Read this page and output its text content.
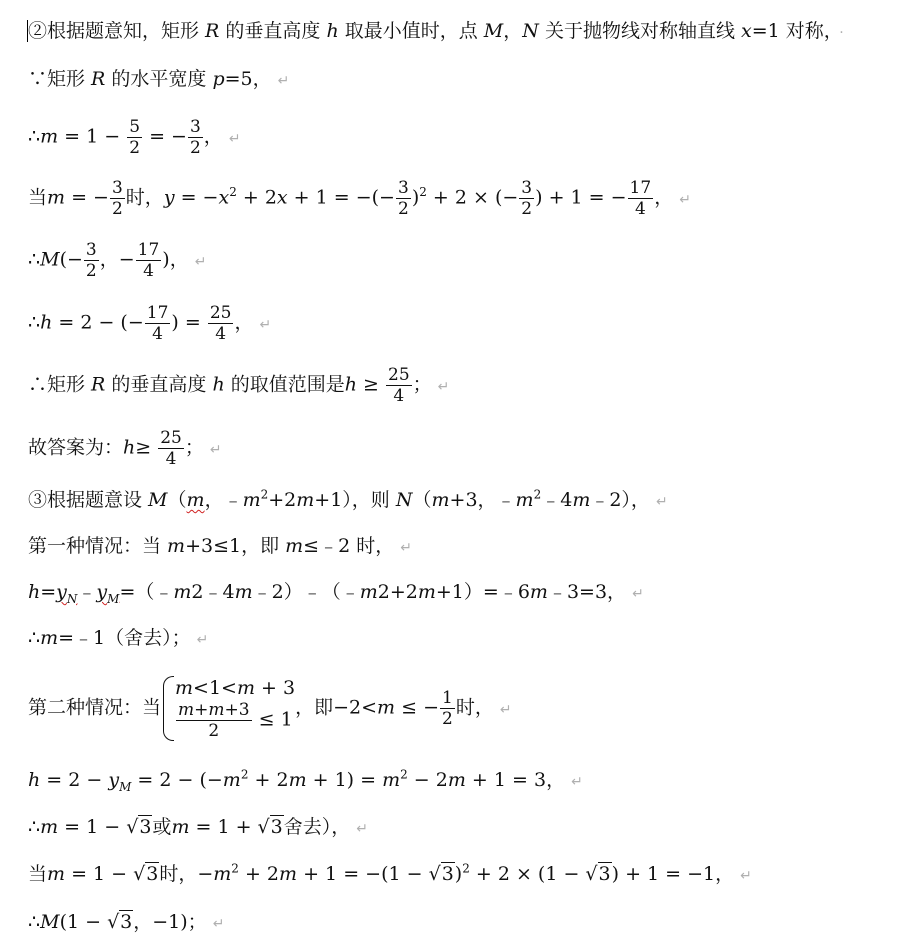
②根据题意知，矩形 R 的垂直高度 h 取最小值时，点 M，N 关于抛物线对称轴直线 x=1 对称， ·
∵矩形 R 的水平宽度 p=5， ↵
∴m = $1 - \frac{5}{2}$ = − $\frac{3}{2}$ ， ↵
当m = − $\frac{3}{2}$ 时，$y = -x^2 + 2x + 1$ = −(− $\frac{3}{2} )^2 + 2$ × (− $\frac{3}{2}$ ) + 1 = − $\frac{17}{4}$ ， ↵
∴M(− $\frac{3}{2}$ ，− $\frac{17}{4}$ )， ↵
∴h = 2 − (− $\frac{17}{4}$ ) = $\frac{25}{4}$ ， ↵
∴矩形 R 的垂直高度 h 的取值范围是$h \ge \frac{25}{4}$ ； ↵
故答案为：$h\ge \frac{25}{4}$ ； ↵
③根据题意设 M（m，$﹣m^2+2m+1$），则 N（m+3，$﹣m^2﹣4m﹣2$）， ↵
第一种情况：当 m+3≤1，即 m≤﹣2 时， ↵
$h=y_N﹣y_M=(﹣m2﹣4m﹣2)﹣(﹣m2+2m+1)=﹣6m﹣3=3$， ↵
∴m=﹣1（舍去）； ↵
第二种情况：当
m<1<m + 3
$\frac{m+m+3}{2} \le 1$
，即−2<m ≤ − $\frac{1}{2}$ 时， ↵
$h = 2 - y_M = 2 - (-m^2 + 2m + 1) = m^2 - 2m + 1 = 3$， ↵
∴m = 1 − √3或m = 1 + √3舍去）， ↵
当m = 1 − √3时，$-m^2 + 2m + 1 = -(1 - √3)^2 + 2 \times (1 - √3) + 1 = -1$， ↵
∴M(1 − √3，−1)； ↵
